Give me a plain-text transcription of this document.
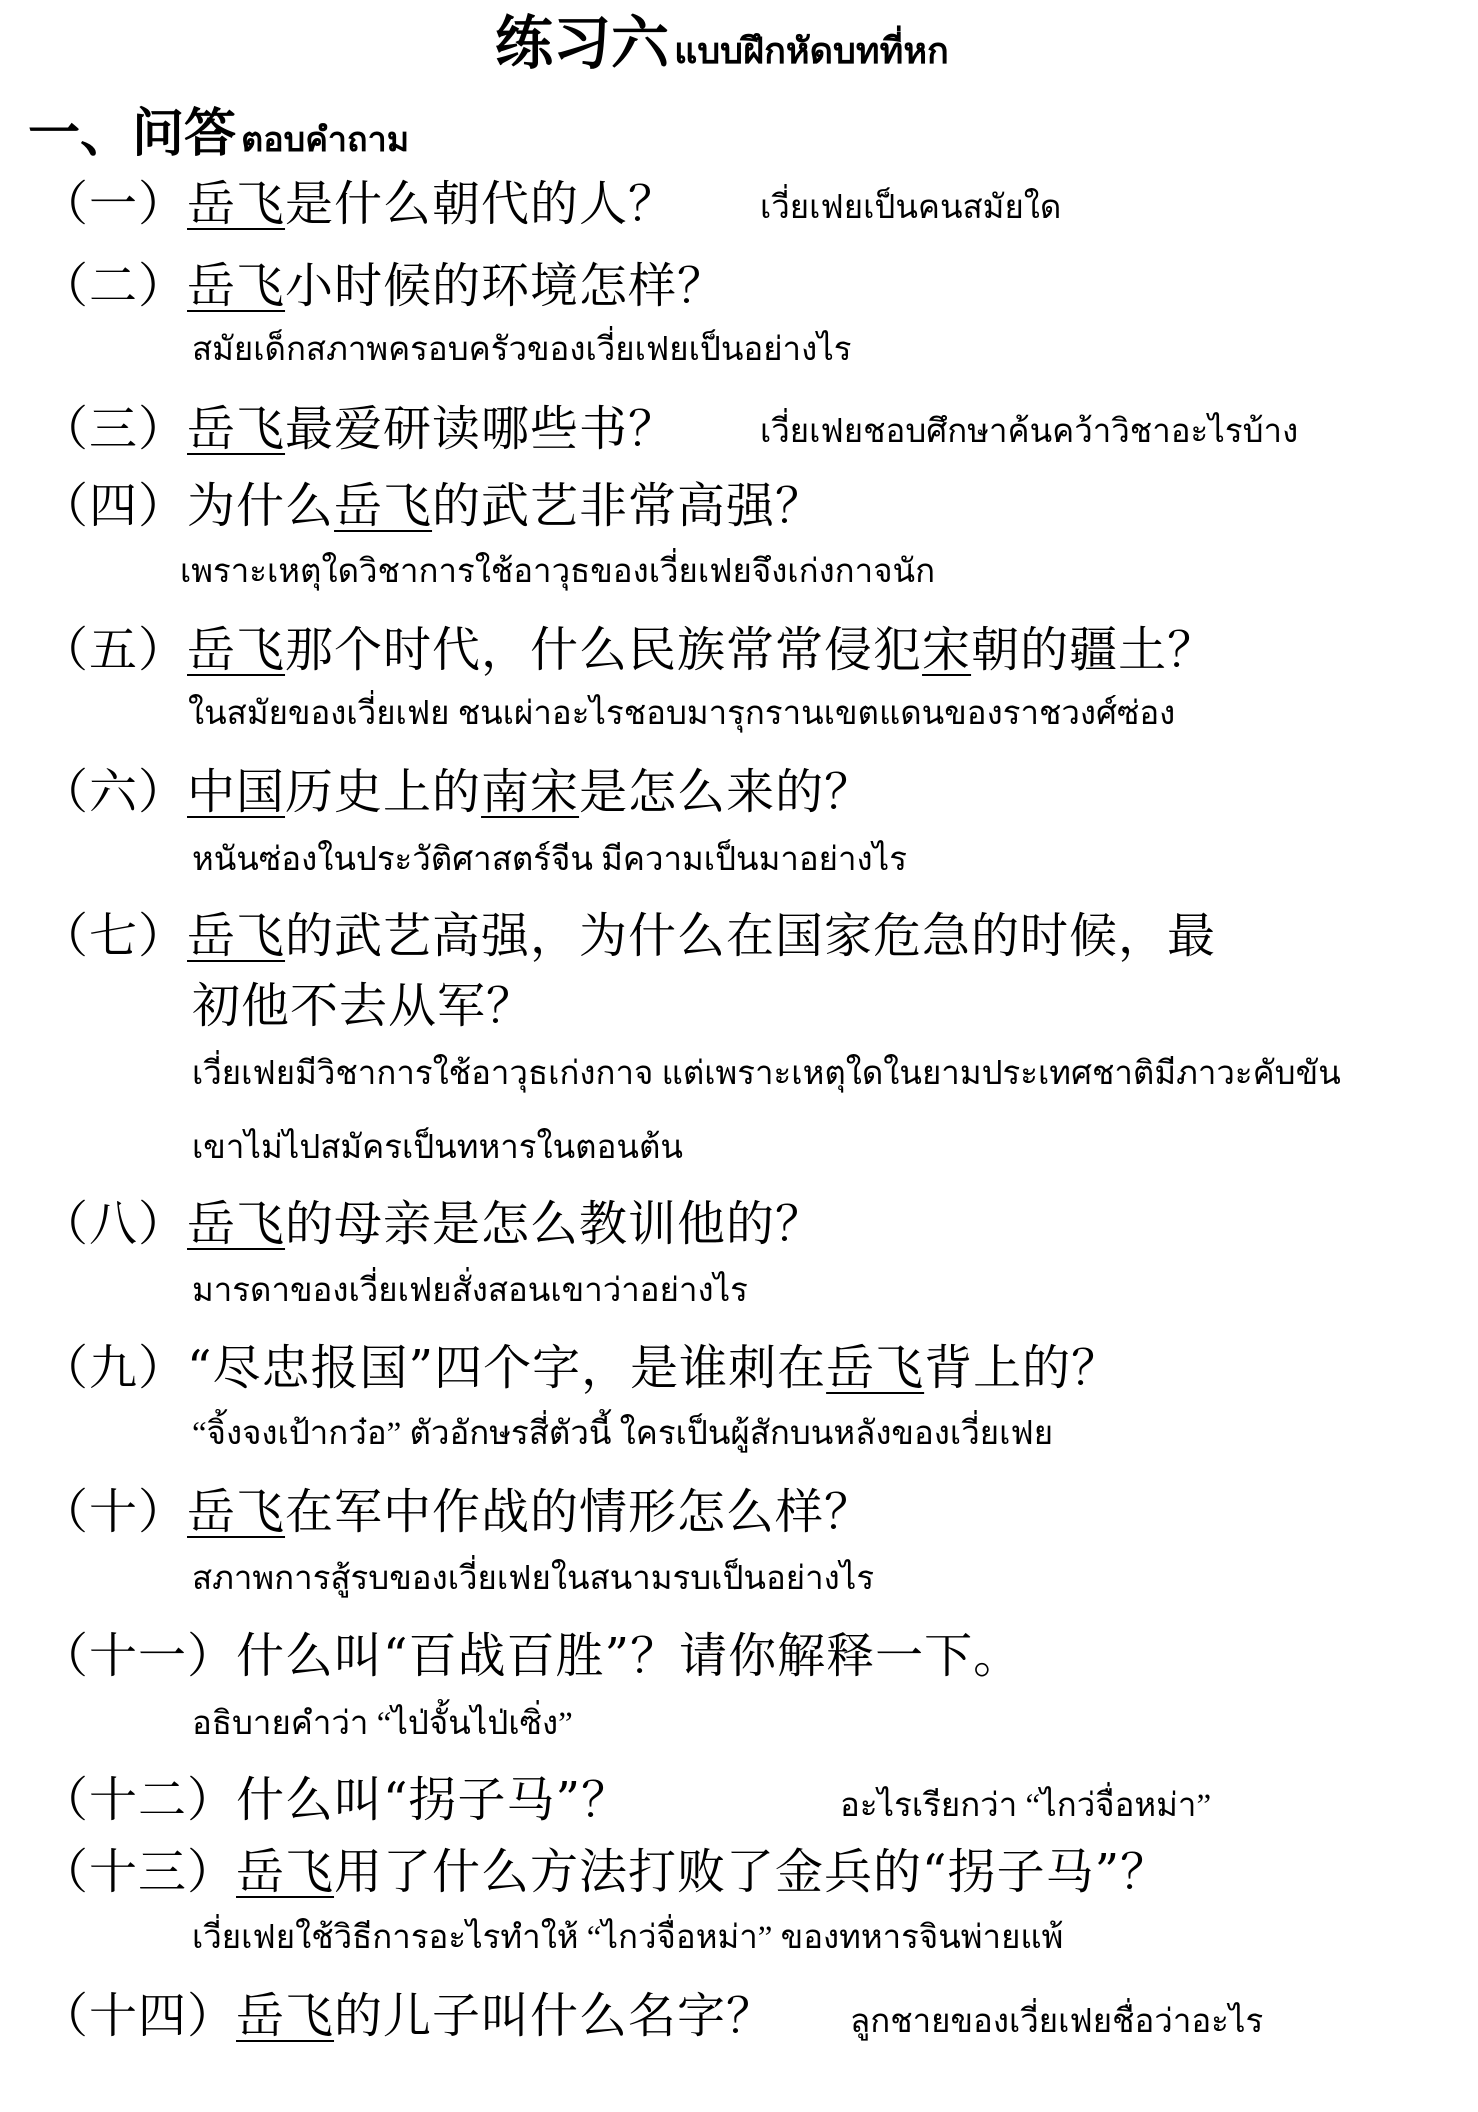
练习六 แบบฝึกหัดบทที่หก
一、问答 ตอบคำถาม
（一）岳飞是什么朝代的人？	เวี่ยเฟยเป็นคนสมัยใด
（二）岳飞小时候的环境怎样？
สมัยเด็กสภาพครอบครัวของเวี่ยเฟยเป็นอย่างไร
（三）岳飞最爱研读哪些书？	เวี่ยเฟยชอบศึกษาค้นคว้าวิชาอะไรบ้าง
（四）为什么岳飞的武艺非常高强？
เพราะเหตุใดวิชาการใช้อาวุธของเวี่ยเฟยจึงเก่งกาจนัก
（五）岳飞那个时代，什么民族常常侵犯宋朝的疆土？
ในสมัยของเวี่ยเฟย ชนเผ่าอะไรชอบมารุกรานเขตแดนของราชวงศ์ซ่อง
（六）中国历史上的南宋是怎么来的？
หนันซ่องในประวัติศาสตร์จีน มีความเป็นมาอย่างไร
（七）岳飞的武艺高强，为什么在国家危急的时候，最
初他不去从军？
เวี่ยเฟยมีวิชาการใช้อาวุธเก่งกาจ แต่เพราะเหตุใดในยามประเทศชาติมีภาวะคับขัน
เขาไม่ไปสมัครเป็นทหารในตอนต้น
（八）岳飞的母亲是怎么教训他的？
มารดาของเวี่ยเฟยสั่งสอนเขาว่าอย่างไร
（九）“尽忠报国”四个字，是谁刺在岳飞背上的？
“จิ้งจงเป้ากว๋อ” ตัวอักษรสี่ตัวนี้ ใครเป็นผู้สักบนหลังของเวี่ยเฟย
（十）岳飞在军中作战的情形怎么样？
สภาพการสู้รบของเวี่ยเฟยในสนามรบเป็นอย่างไร
（十一）什么叫“百战百胜”？请你解释一下。
อธิบายคำว่า “ไป่จั้นไป่เซิ่ง”
（十二）什么叫“拐子马”？	อะไรเรียกว่า “ไกว่จื่อหม่า”
（十三）岳飞用了什么方法打败了金兵的“拐子马”？
เวี่ยเฟยใช้วิธีการอะไรทำให้ “ไกว่จื่อหม่า” ของทหารจินพ่ายแพ้
（十四）岳飞的儿子叫什么名字？ ลูกชายของเวี่ยเฟยชื่อว่าอะไร
